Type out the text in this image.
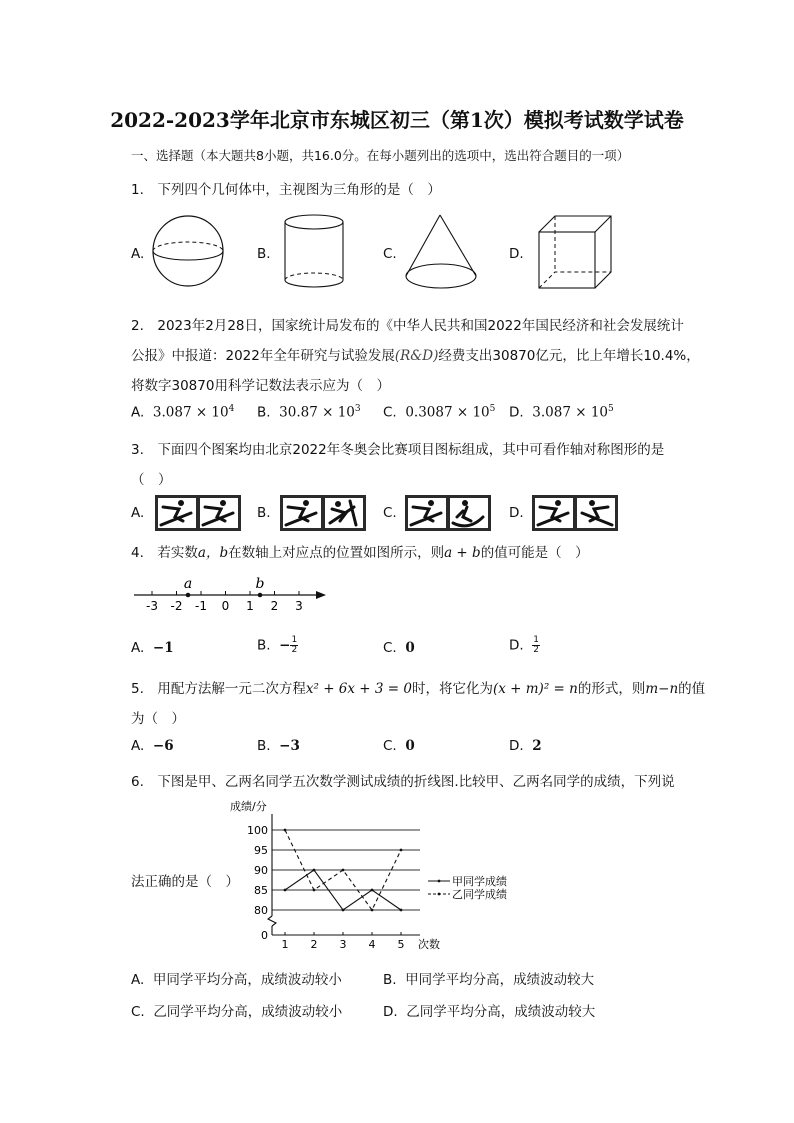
2022-2023学年北京市东城区初三（第1次）模拟考试数学试卷
一、选择题（本大题共8小题，共16.0分。在每小题列出的选项中，选出符合题目的一项）
1.　下列四个几何体中，主视图为三角形的是（　）
A.	B.	C.	D.
2.　2023年2月28日，国家统计局发布的《中华人民共和国2022年国民经济和社会发展统计
公报》中报道：2022年全年研究与试验发展(R&D)经费支出30870亿元，比上年增长10.4%，
将数字30870用科学记数法表示应为（　）
A. $3.087 \times 10^4$ B. $30.87 \times 10^3$ C. $0.3087 \times 10^5$ D. $3.087 \times 10^5$
3.　下面四个图案均由北京2022年冬奥会比赛项目图标组成，其中可看作轴对称图形的是
（　）
A.	B.	C.	D.
4.　若实数a，b在数轴上对应点的位置如图所示，则a + b的值可能是（　）
-3 -2 -1 0 1 2 3
a	b
A. −1	B. − $\frac{1}{2}$	C. 0	D. $\frac{1}{2}$
5.　用配方法解一元二次方程x² + 6x + 3 = 0时，将它化为(x + m)² = n的形式，则m−n的值
为（　）
A. −6	B. −3	C. 0	D. 2
6.　下图是甲、乙两名同学五次数学测试成绩的折线图.比较甲、乙两名同学的成绩，下列说
法正确的是（　）
100
95
90
85
80
0
成绩/分
1 2 3 4 5 次数
甲同学成绩
乙同学成绩
A. 甲同学平均分高，成绩波动较小	B. 甲同学平均分高，成绩波动较大
C. 乙同学平均分高，成绩波动较小	D. 乙同学平均分高，成绩波动较大
